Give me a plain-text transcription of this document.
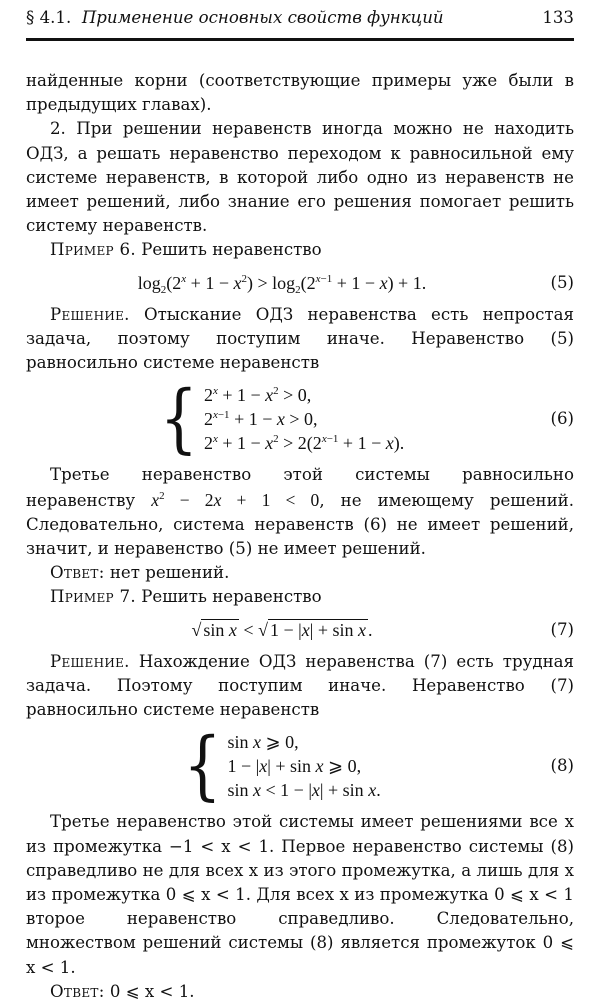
§ 4.1. Применение основных свойств функций	133

найденные корни (соответствующие примеры уже были в предыдущих главах).

2. При решении неравенств иногда можно не находить ОДЗ, а решать неравенство переходом к равносильной ему системе неравенств, в которой либо одно из неравенств не имеет решений, либо знание его решения помогает решить систему неравенств.

Пример 6. Решить неравенство

$\log_2(2^x + 1 - x^2) > \log_2(2^{x-1} + 1 - x) + 1$.	(5)

Решение. Отыскание ОДЗ неравенства есть непростая задача, поэтому поступим иначе. Неравенство (5) равносильно системе неравенств

{ $2^x + 1 - x^2 > 0$,
$2^{x-1} + 1 - x > 0$,
$2^x + 1 - x^2 > 2(2^{x-1} + 1 - x)$.
(6)

Третье неравенство этой системы равносильно неравенству $x^2 - 2x + 1 < 0$, не имеющему решений. Следовательно, система неравенств (6) не имеет решений, значит, и неравенство (5) не имеет решений.

Ответ: нет решений.

Пример 7. Решить неравенство

√ sin x < √ 1 − |x| + sin x .	(7)

Решение. Нахождение ОДЗ неравенства (7) есть трудная задача. Поэтому поступим иначе. Неравенство (7) равносильно системе неравенств

{ sin x ⩾ 0,
1 − |x| + sin x ⩾ 0,
sin x < 1 − |x| + sin x.
(8)

Третье неравенство этой системы имеет решениями все x из промежутка −1 < x < 1. Первое неравенство системы (8) справедливо не для всех x из этого промежутка, а лишь для x из промежутка 0 ⩽ x < 1. Для всех x из промежутка 0 ⩽ x < 1 второе неравенство справедливо. Следовательно, множеством решений системы (8) является промежуток 0 ⩽ x < 1.

Ответ: 0 ⩽ x < 1.
